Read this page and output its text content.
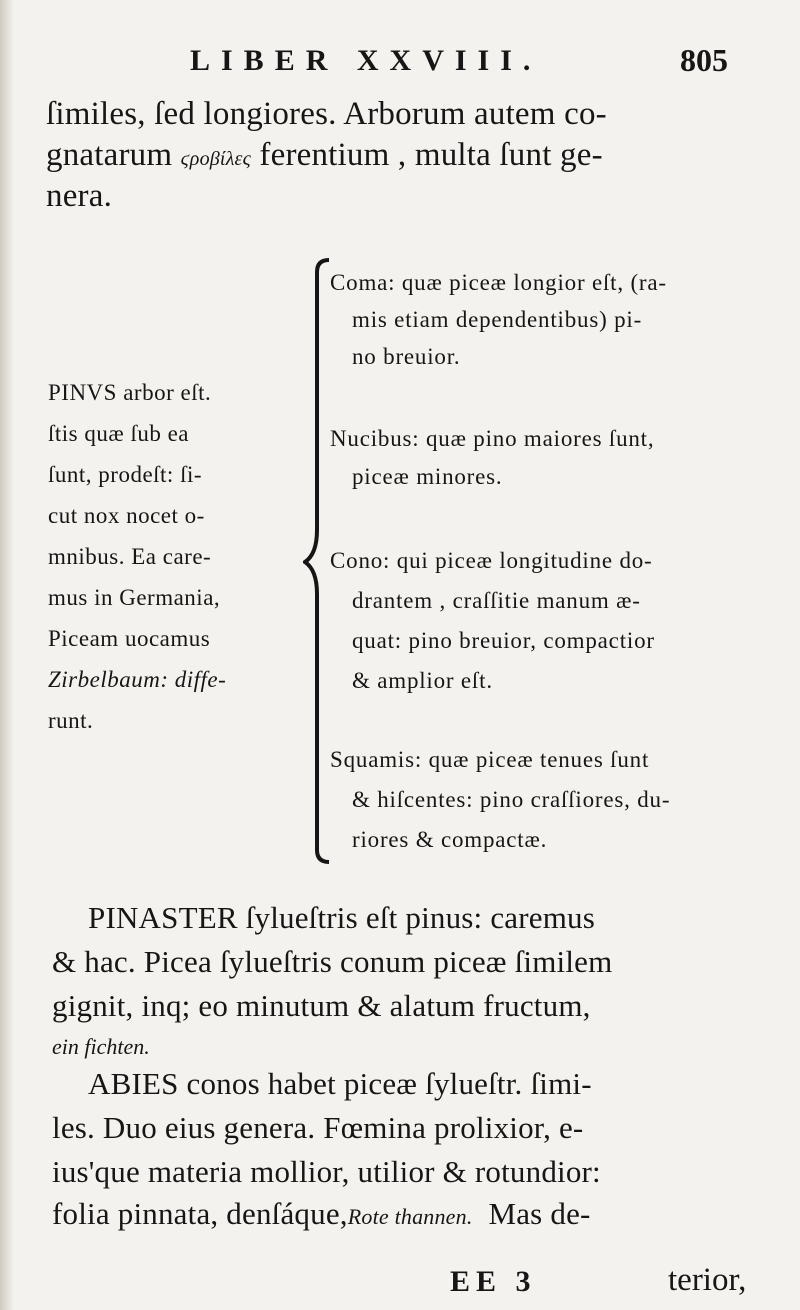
LIBER XXVIII.	805
ſimiles, ſed longiores. Arborum autem co-
gnatarum ϛροβίλες ferentium , multa ſunt ge-
nera.
PINVS arbor eſt.
ſtis quæ ſub ea
ſunt, prodeſt: ſi-
cut nox nocet o-
mnibus. Ea care-
mus in Germania,
Piceam uocamus
Zirbelbaum: diffe-
runt.
Coma: quæ piceæ longior eſt, (ra-
mis etiam dependentibus) pi-
no breuior.
Nucibus: quæ pino maiores ſunt,
piceæ minores.
Cono: qui piceæ longitudine do-
drantem , craſſitie manum æ-
quat: pino breuior, compactior
& amplior eſt.
Squamis: quæ piceæ tenues ſunt
& hiſcentes: pino craſſiores, du-
riores & compactæ.
PINASTER ſylueſtris eſt pinus: caremus
& hac. Picea ſylueſtris conum piceæ ſimilem
gignit, inq; eo minutum & alatum fructum,
ein fichten.
ABIES conos habet piceæ ſylueſtr. ſimi-
les. Duo eius genera. Fœmina prolixior, e-
ius'que materia mollior, utilior & rotundior:
folia pinnata, denſáque,Rote thannen. Mas de-
EE 3	terior,
